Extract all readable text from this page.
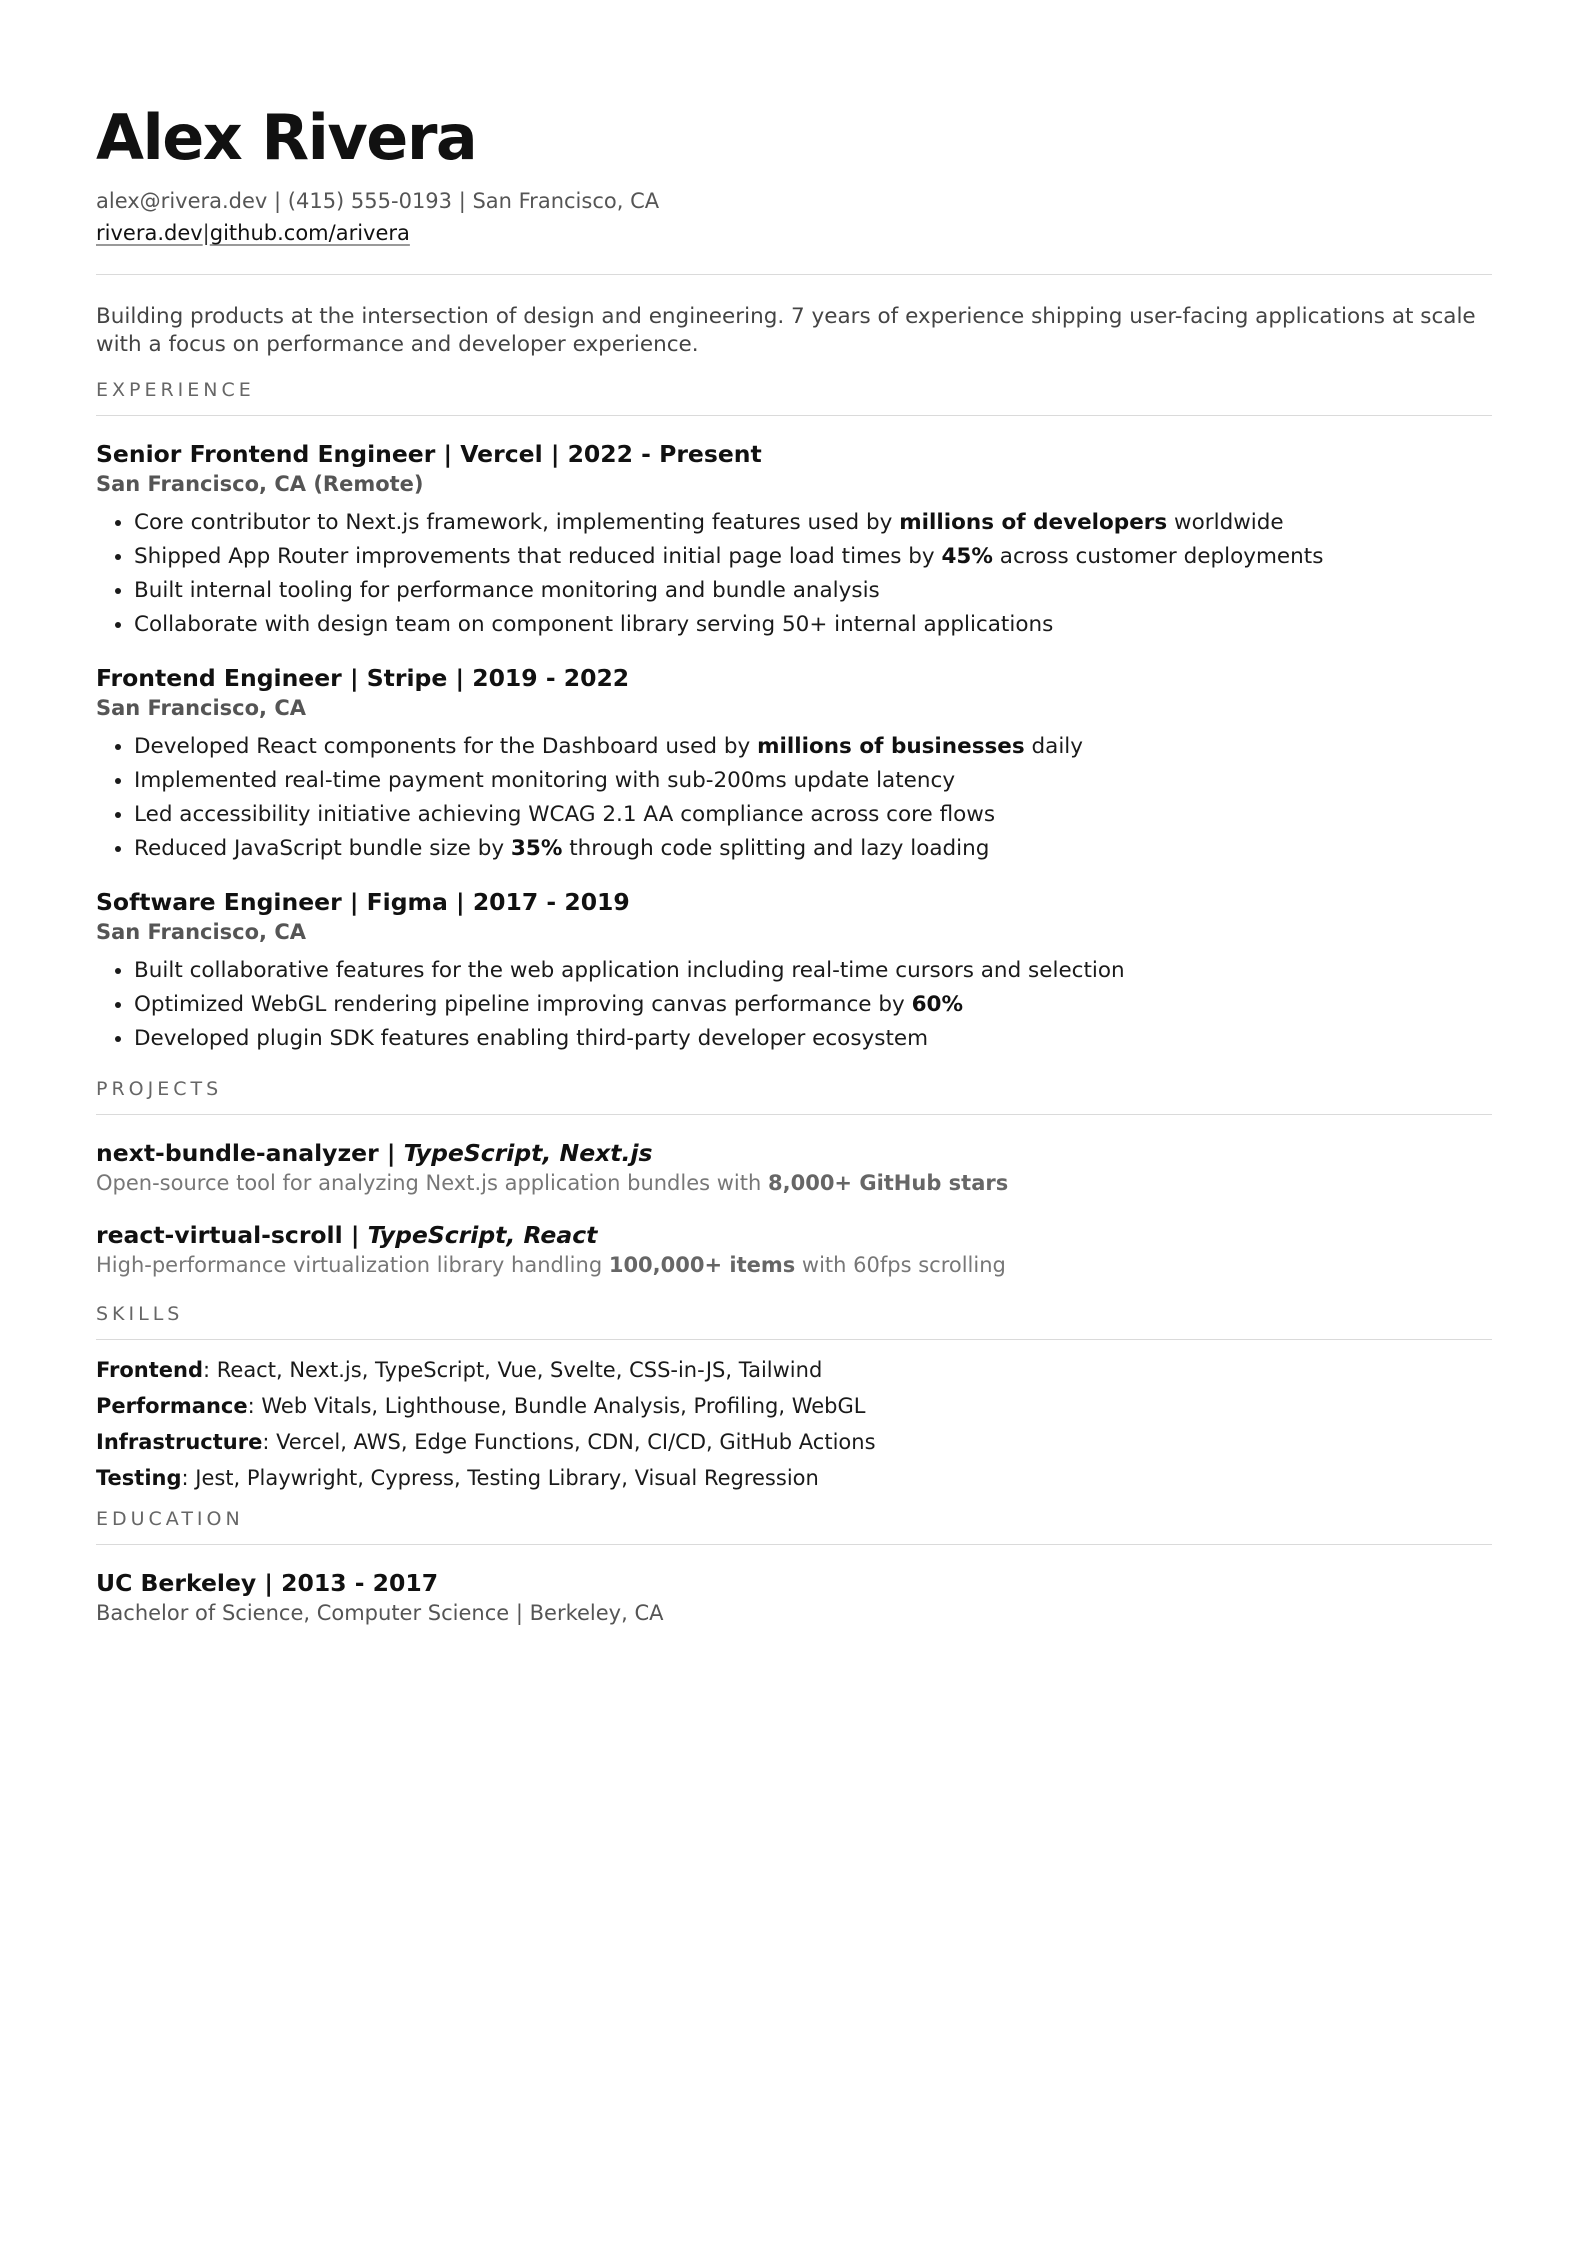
Alex Rivera
alex@rivera.dev | (415) 555-0193 | San Francisco, CA
rivera.dev|github.com/arivera

Building products at the intersection of design and engineering. 7 years of experience shipping user-facing applications at scale with a focus on performance and developer experience.

EXPERIENCE
Senior Frontend Engineer | Vercel | 2022 - Present
San Francisco, CA (Remote)
• Core contributor to Next.js framework, implementing features used by millions of developers worldwide
• Shipped App Router improvements that reduced initial page load times by 45% across customer deployments
• Built internal tooling for performance monitoring and bundle analysis
• Collaborate with design team on component library serving 50+ internal applications
Frontend Engineer | Stripe | 2019 - 2022
San Francisco, CA
• Developed React components for the Dashboard used by millions of businesses daily
• Implemented real-time payment monitoring with sub-200ms update latency
• Led accessibility initiative achieving WCAG 2.1 AA compliance across core flows
• Reduced JavaScript bundle size by 35% through code splitting and lazy loading
Software Engineer | Figma | 2017 - 2019
San Francisco, CA
• Built collaborative features for the web application including real-time cursors and selection
• Optimized WebGL rendering pipeline improving canvas performance by 60%
• Developed plugin SDK features enabling third-party developer ecosystem
PROJECTS
next-bundle-analyzer | TypeScript, Next.js
Open-source tool for analyzing Next.js application bundles with 8,000+ GitHub stars
react-virtual-scroll | TypeScript, React
High-performance virtualization library handling 100,000+ items with 60fps scrolling
SKILLS
Frontend: React, Next.js, TypeScript, Vue, Svelte, CSS-in-JS, Tailwind
Performance: Web Vitals, Lighthouse, Bundle Analysis, Profiling, WebGL
Infrastructure: Vercel, AWS, Edge Functions, CDN, CI/CD, GitHub Actions
Testing: Jest, Playwright, Cypress, Testing Library, Visual Regression
EDUCATION
UC Berkeley | 2013 - 2017
Bachelor of Science, Computer Science | Berkeley, CA
